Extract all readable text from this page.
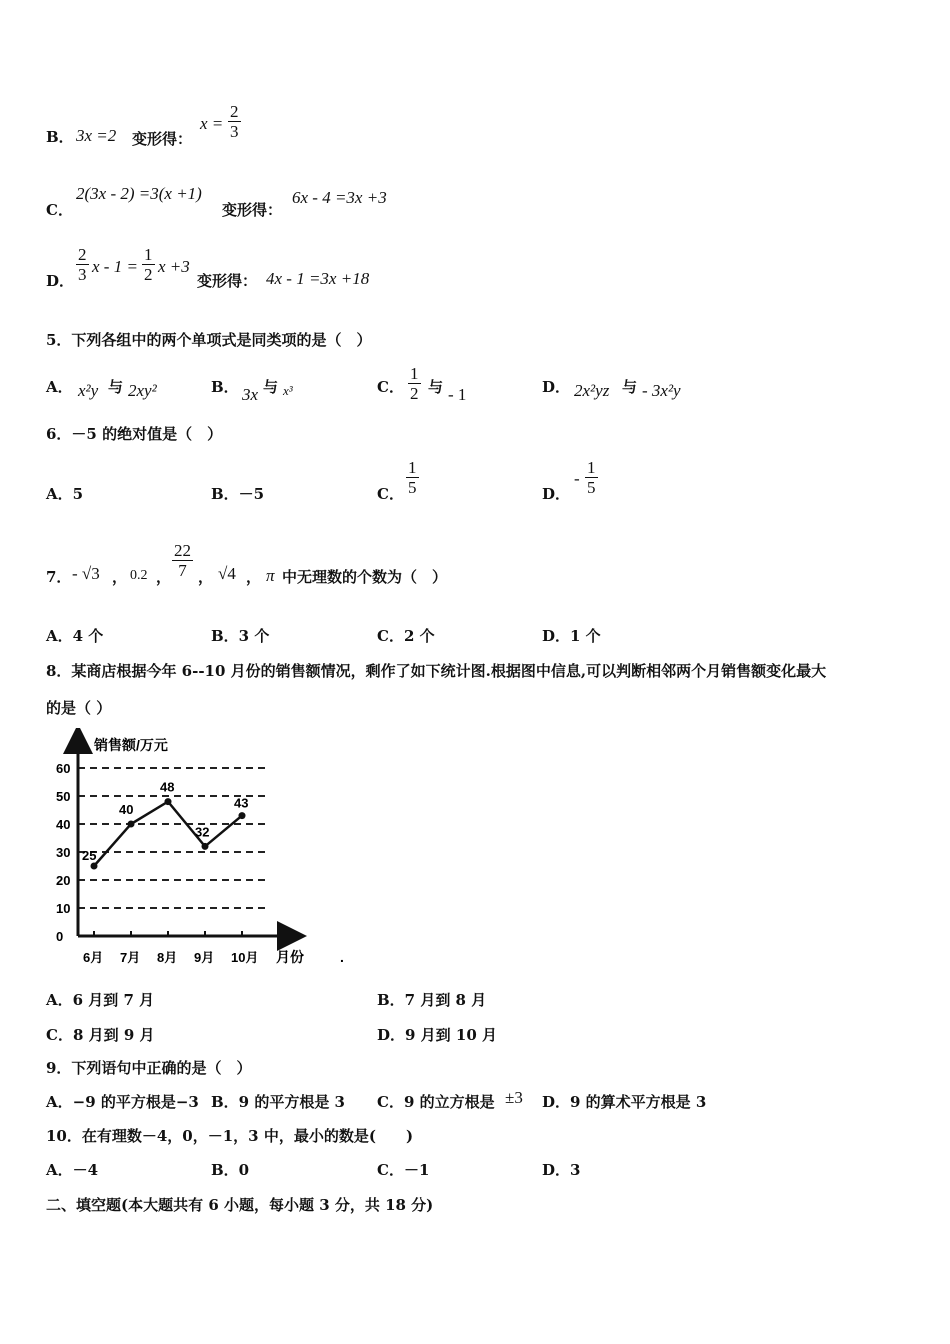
B． 3x =2 变形得：
$x = \frac{2}{3}$
C．
2(3x - 2) =3(x +1)
变形得：
6x - 4 =3x +3
D． $\frac{2}{3}$ $x - 1 = \frac{1}{2}$ x +3
变形得： 4x - 1 =3x +18
5．下列各组中的两个单项式是同类项的是（　）
A． x²y 与 2xy²	B． 3x 与 x³	C． $\frac{1}{2}$ 与 - 1	D． 2x²yz 与 - 3x²y
6．－5 的绝对值是（　）
A．5	B．－5	C． $\frac{1}{5}$	D．
- $\frac{1}{5}$
7． - √3 ， 0.2 ， $\frac{22}{7}$ ， √4 ， π 中无理数的个数为（　）
A．4 个	B．3 个	C．2 个	D．1 个
8．某商店根据今年 6--10 月份的销售额情况，剩作了如下统计图.根据图中信息,可以判断相邻两个月销售额变化最大
的是（ ）
销售额/万元
月份	.
0
10
20
30
40
50
60
6月 7月 8月 9月 10月
25
40
48
32
43
A．6 月到 7 月	B．7 月到 8 月
C．8 月到 9 月	D．9 月到 10 月
9．下列语句中正确的是（　）
A．−9 的平方根是−3 B．9 的平方根是 3 C．9 的立方根是 ±3 D．9 的算术平方根是 3
10．在有理数－4，0，－1，3 中，最小的数是(　　)
A．－4	B．0	C．－1	D．3
二、填空题(本大题共有 6 小题，每小题 3 分，共 18 分)
